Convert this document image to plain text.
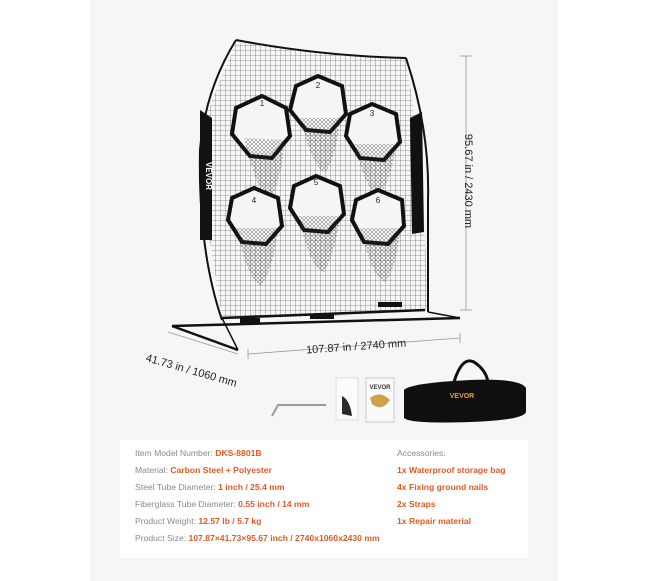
1
2
3
4
5
6
VEVOR
VEVOR
VEVOR
95.67 in / 2430 mm
107.87 in / 2740 mm
41.73 in / 1060 mm
Item Model Number: DKS-8801B
Material: Carbon Steel + Polyester
Steel Tube Diameter: 1 inch / 25.4 mm
Fiberglass Tube Diameter: 0.55 inch / 14 mm
Product Weight: 12.57 lb / 5.7 kg
Product Size: 107.87×41.73×95.67 inch / 2740x1060x2430 mm
Accessories:
1x Waterproof storage bag
4x Fixing ground nails
2x Straps
1x Repair material
